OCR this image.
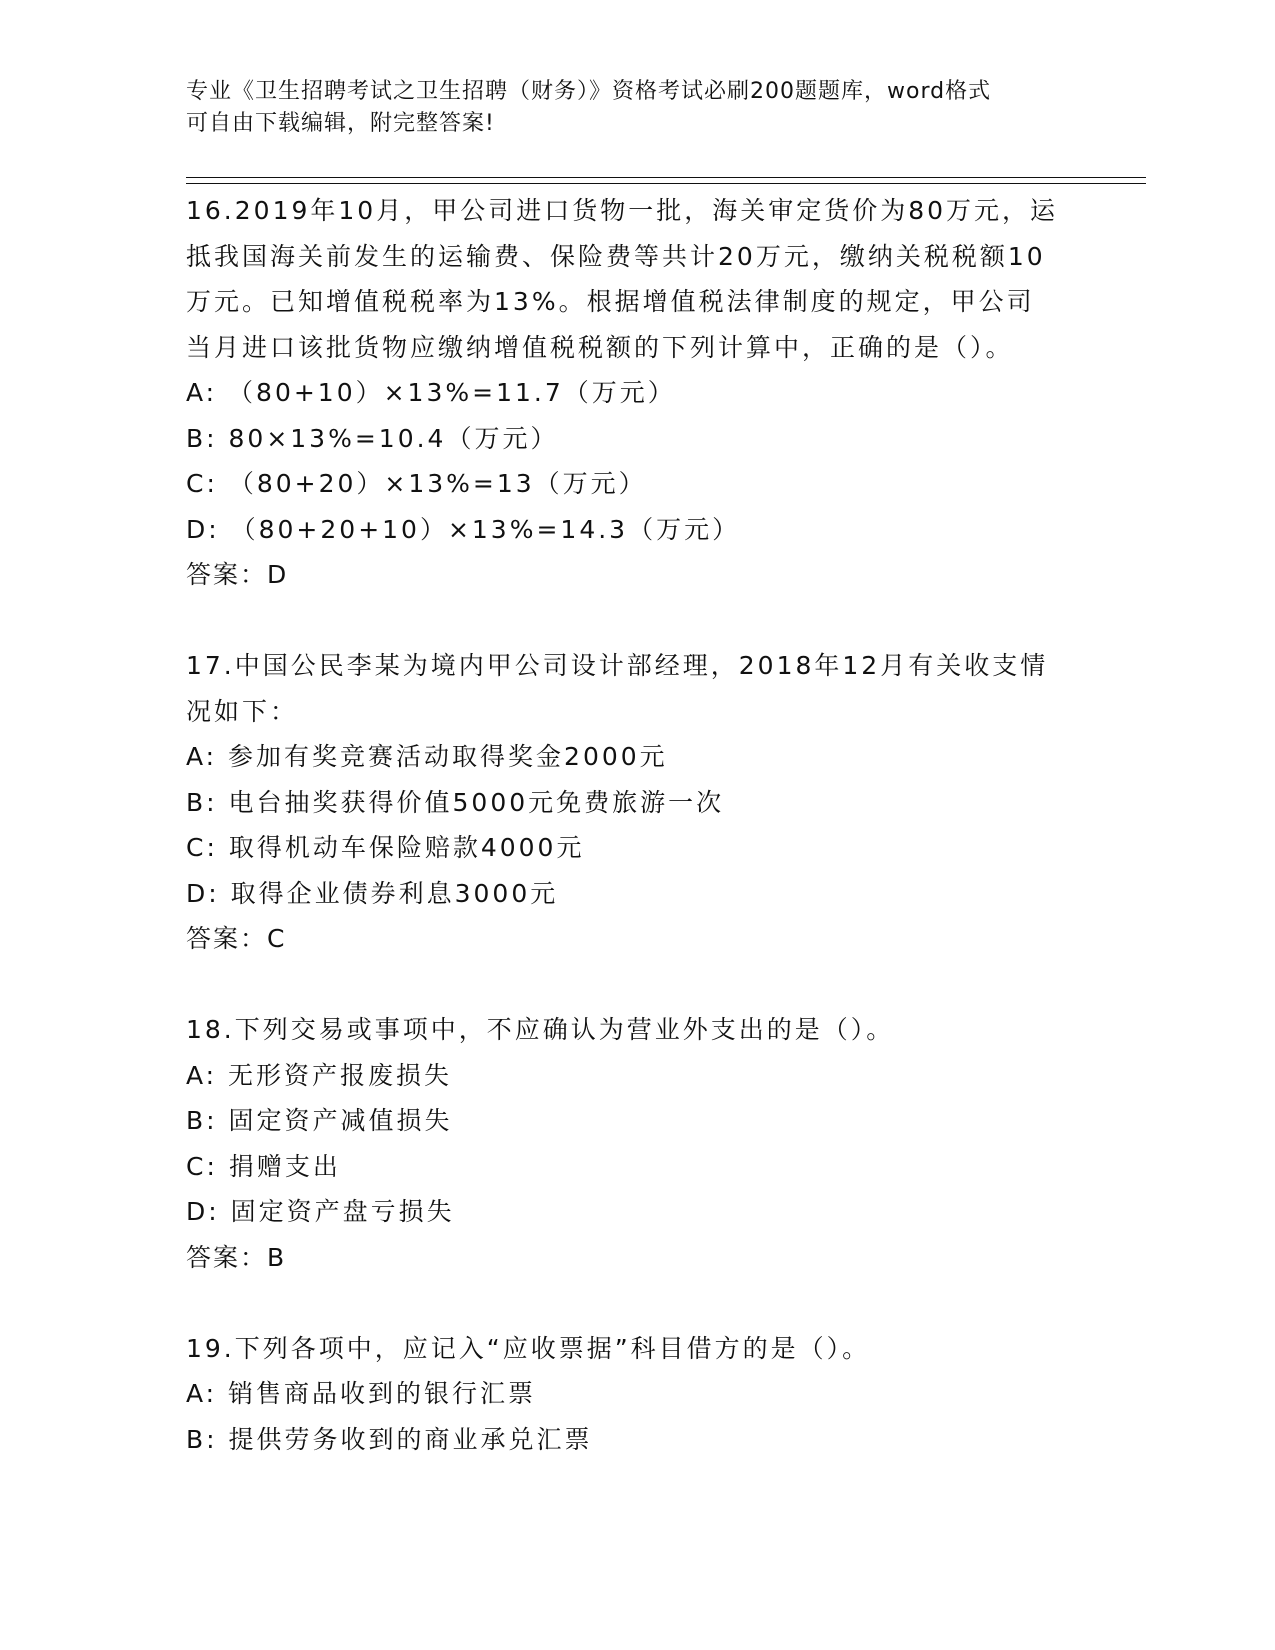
专业《卫生招聘考试之卫生招聘（财务）》资格考试必刷200题题库，word格式
可自由下载编辑，附完整答案!
16.2019年10月，甲公司进口货物一批，海关审定货价为80万元，运
抵我国海关前发生的运输费、保险费等共计20万元，缴纳关税税额10
万元。已知增值税税率为13%。根据增值税法律制度的规定，甲公司
当月进口该批货物应缴纳增值税税额的下列计算中，正确的是（）。
A: （80+10）×13%=11.7（万元）
B: 80×13%=10.4（万元）
C: （80+20）×13%=13（万元）
D: （80+20+10）×13%=14.3（万元）
答案：D
17.中国公民李某为境内甲公司设计部经理，2018年12月有关收支情
况如下：
A: 参加有奖竞赛活动取得奖金2000元
B: 电台抽奖获得价值5000元免费旅游一次
C: 取得机动车保险赔款4000元
D: 取得企业债券利息3000元
答案：C
18.下列交易或事项中，不应确认为营业外支出的是（）。
A: 无形资产报废损失
B: 固定资产减值损失
C: 捐赠支出
D: 固定资产盘亏损失
答案：B
19.下列各项中，应记入“应收票据”科目借方的是（）。
A: 销售商品收到的银行汇票
B: 提供劳务收到的商业承兑汇票
